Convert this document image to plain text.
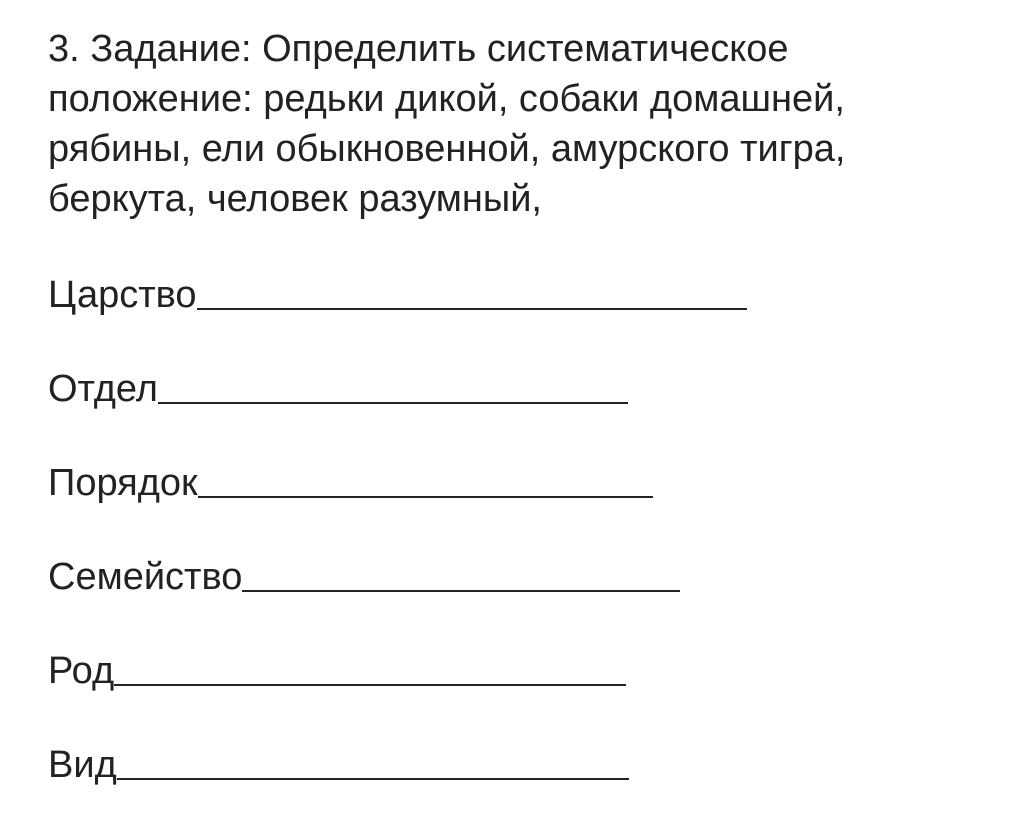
3. Задание: Определить систематическое

положение: редьки дикой, собаки домашней,

рябины, ели обыкновенной, амурского тигра,

беркута, человек разумный,

Царство
Отдел
Порядок
Семейство
Род
Вид
